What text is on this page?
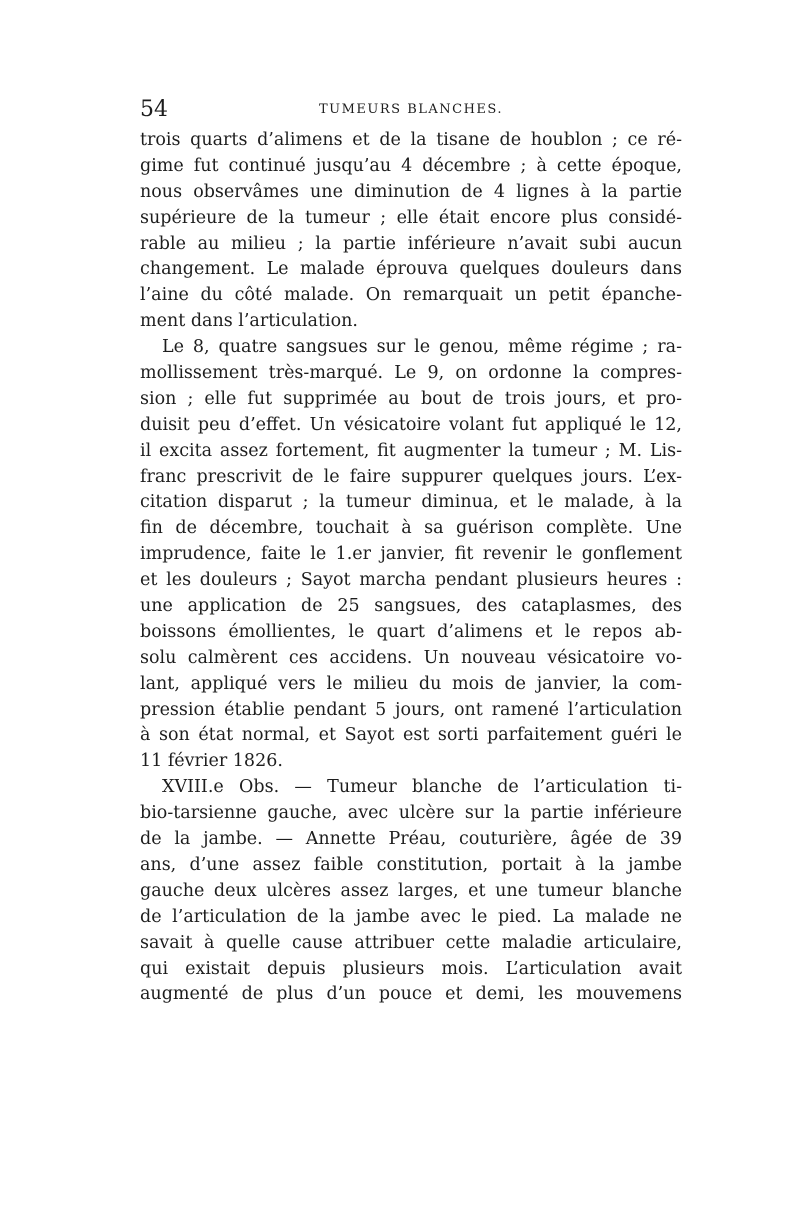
54	TUMEURS BLANCHES.
trois quarts d’alimens et de la tisane de houblon ; ce ré-
gime fut continué jusqu’au 4 décembre ; à cette époque,
nous observâmes une diminution de 4 lignes à la partie
supérieure de la tumeur ; elle était encore plus considé-
rable au milieu ; la partie inférieure n’avait subi aucun
changement. Le malade éprouva quelques douleurs dans
l’aine du côté malade. On remarquait un petit épanche-
ment dans l’articulation.
Le 8, quatre sangsues sur le genou, même régime ; ra-
mollissement très-marqué. Le 9, on ordonne la compres-
sion ; elle fut supprimée au bout de trois jours, et pro-
duisit peu d’effet. Un vésicatoire volant fut appliqué le 12,
il excita assez fortement, fit augmenter la tumeur ; M. Lis-
franc prescrivit de le faire suppurer quelques jours. L’ex-
citation disparut ; la tumeur diminua, et le malade, à la
fin de décembre, touchait à sa guérison complète. Une
imprudence, faite le 1.er janvier, fit revenir le gonflement
et les douleurs ; Sayot marcha pendant plusieurs heures :
une application de 25 sangsues, des cataplasmes, des
boissons émollientes, le quart d’alimens et le repos ab-
solu calmèrent ces accidens. Un nouveau vésicatoire vo-
lant, appliqué vers le milieu du mois de janvier, la com-
pression établie pendant 5 jours, ont ramené l’articulation
à son état normal, et Sayot est sorti parfaitement guéri le
11 février 1826.
XVIII.e Obs. — Tumeur blanche de l’articulation ti-
bio-tarsienne gauche, avec ulcère sur la partie inférieure
de la jambe. — Annette Préau, couturière, âgée de 39
ans, d’une assez faible constitution, portait à la jambe
gauche deux ulcères assez larges, et une tumeur blanche
de l’articulation de la jambe avec le pied. La malade ne
savait à quelle cause attribuer cette maladie articulaire,
qui existait depuis plusieurs mois. L’articulation avait
augmenté de plus d’un pouce et demi, les mouvemens
